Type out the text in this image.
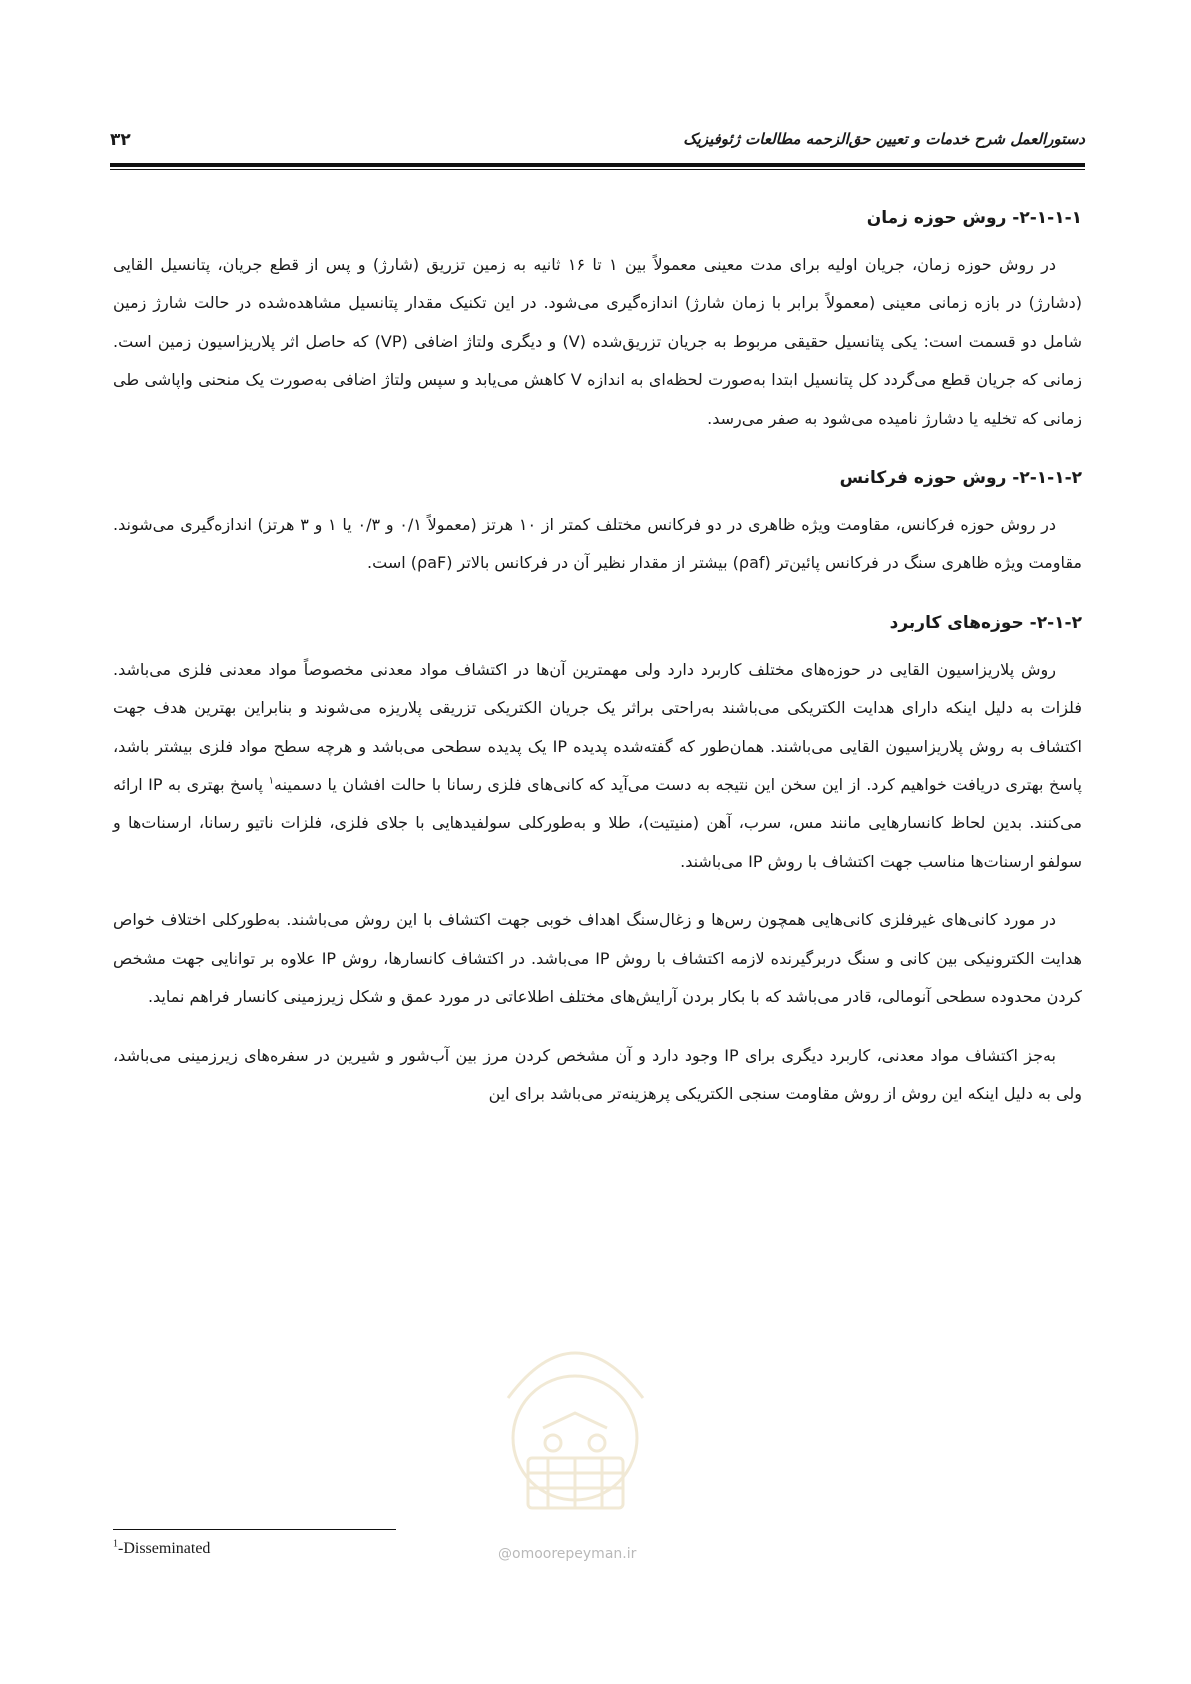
۳۲	دستورالعمل شرح خدمات و تعیین حق‌الزحمه مطالعات ژئوفیزیک
۲-۱-۱-۱- روش حوزه زمان

در روش حوزه زمان، جریان اولیه برای مدت معینی معمولاً بین ۱ تا ۱۶ ثانیه به زمین تزریق (شارژ) و پس از قطع جریان، پتانسیل القایی (دشارژ) در بازه زمانی معینی (معمولاً برابر با زمان شارژ) اندازه‌گیری می‌شود. در این تکنیک مقدار پتانسیل مشاهده‌شده در حالت شارژ زمین شامل دو قسمت است: یکی پتانسیل حقیقی مربوط به جریان تزریق‌شده (V) و دیگری ولتاژ اضافی (VP) که حاصل اثر پلاریزاسیون زمین است. زمانی که جریان قطع می‌گردد کل پتانسیل ابتدا به‌صورت لحظه‌ای به اندازه V کاهش می‌یابد و سپس ولتاژ اضافی به‌صورت یک منحنی واپاشی طی زمانی که تخلیه یا دشارژ نامیده می‌شود به صفر می‌رسد.

۲-۱-۱-۲- روش حوزه فرکانس

در روش حوزه فرکانس، مقاومت ویژه ظاهری در دو فرکانس مختلف کمتر از ۱۰ هرتز (معمولاً ۰/۱ و ۰/۳ یا ۱ و ۳ هرتز) اندازه‌گیری می‌شوند. مقاومت ویژه ظاهری سنگ در فرکانس پائین‌تر (ρaf) بیشتر از مقدار نظیر آن در فرکانس بالاتر (ρaF) است.

۲-۱-۲- حوزه‌های کاربرد

روش پلاریزاسیون القایی در حوزه‌های مختلف کاربرد دارد ولی مهمترین آن‌ها در اکتشاف مواد معدنی مخصوصاً مواد معدنی فلزی می‌باشد. فلزات به دلیل اینکه دارای هدایت الکتریکی می‌باشند به‌راحتی براثر یک جریان الکتریکی تزریقی پلاریزه می‌شوند و بنابراین بهترین هدف جهت اکتشاف به روش پلاریزاسیون القایی می‌باشند. همان‌طور که گفته‌شده پدیده IP یک پدیده سطحی می‌باشد و هرچه سطح مواد فلزی بیشتر باشد، پاسخ بهتری دریافت خواهیم کرد. از این سخن این نتیجه به دست می‌آید که کانی‌های فلزی رسانا با حالت افشان یا دسمینه$^۱$ پاسخ بهتری به IP ارائه می‌کنند. بدین لحاظ کانسارهایی مانند مس، سرب، آهن (منیتیت)، طلا و به‌طورکلی سولفیدهایی با جلای فلزی، فلزات ناتیو رسانا، ارسنات‌ها و سولفو ارسنات‌ها مناسب جهت اکتشاف با روش IP می‌باشند.

در مورد کانی‌های غیرفلزی کانی‌هایی همچون رس‌ها و زغال‌سنگ اهداف خوبی جهت اکتشاف با این روش می‌باشند. به‌طورکلی اختلاف خواص هدایت الکترونیکی بین کانی و سنگ دربرگیرنده لازمه اکتشاف با روش IP می‌باشد. در اکتشاف کانسارها، روش IP علاوه بر توانایی جهت مشخص کردن محدوده سطحی آنومالی، قادر می‌باشد که با بکار بردن آرایش‌های مختلف اطلاعاتی در مورد عمق و شکل زیرزمینی کانسار فراهم نماید.

به‌جز اکتشاف مواد معدنی، کاربرد دیگری برای IP وجود دارد و آن مشخص کردن مرز بین آب‌شور و شیرین در سفره‌های زیرزمینی می‌باشد، ولی به دلیل اینکه این روش از روش مقاومت سنجی الکتریکی پرهزینه‌تر می‌باشد برای این

@omoorepeyman.ir
$^1$-Disseminated
